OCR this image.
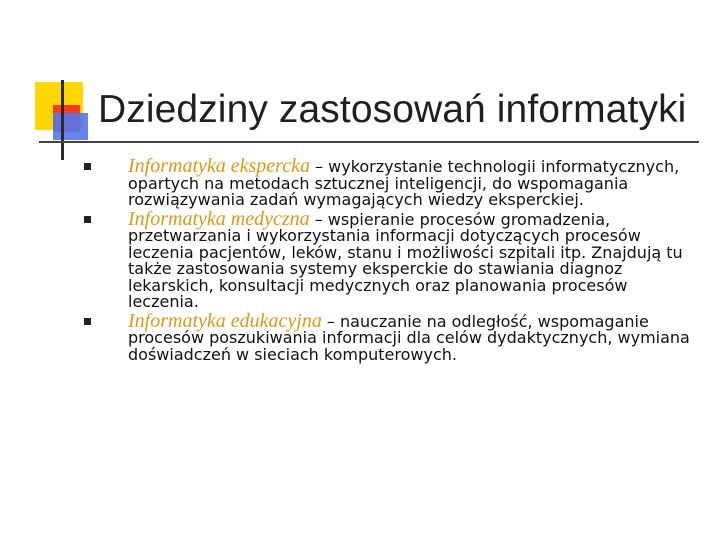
Dziedziny zastosowań informatyki
Informatyka ekspercka – wykorzystanie technologii informatycznych, opartych na metodach sztucznej inteligencji, do wspomagania rozwiązywania zadań wymagających wiedzy eksperckiej.
Informatyka medyczna – wspieranie procesów gromadzenia, przetwarzania i wykorzystania informacji dotyczących procesów leczenia pacjentów, leków, stanu i możliwości szpitali itp. Znajdują tu także zastosowania systemy eksperckie do stawiania diagnoz lekarskich, konsultacji medycznych oraz planowania procesów leczenia.
Informatyka edukacyjna – nauczanie na odległość, wspomaganie procesów poszukiwania informacji dla celów dydaktycznych, wymiana doświadczeń w sieciach komputerowych.
